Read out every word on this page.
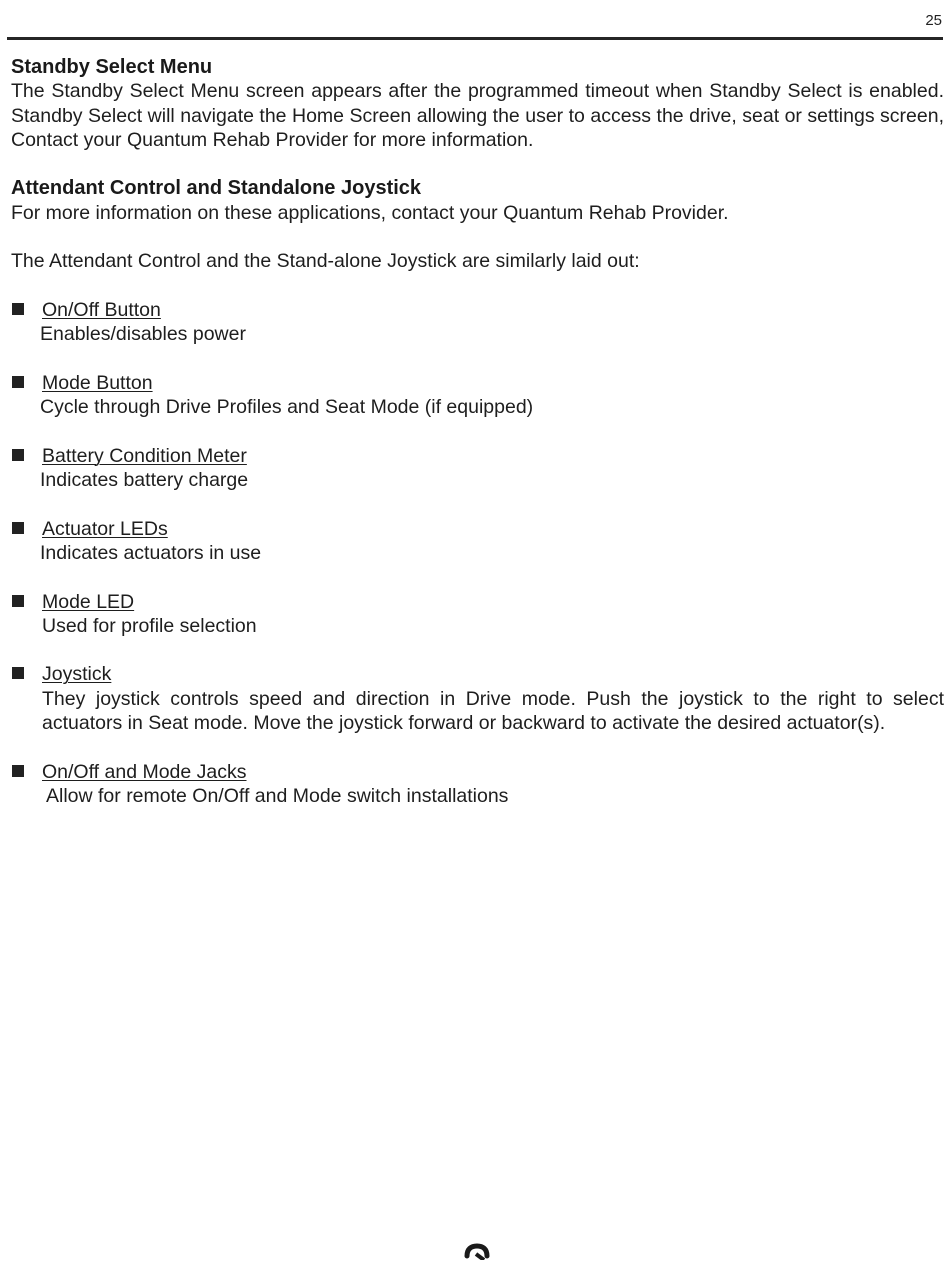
25
Standby Select Menu

The Standby Select Menu screen appears after the programmed timeout when Standby Select is enabled. Standby Select will navigate the Home Screen allowing the user to access the drive, seat or settings screen, Contact your Quantum Rehab Provider for more information.

Attendant Control and Standalone Joystick

For more information on these applications, contact your Quantum Rehab Provider.

The Attendant Control and the Stand-alone Joystick are similarly laid out:

On/Off Button
Enables/disables power
Mode Button
Cycle through Drive Profiles and Seat Mode (if equipped)
Battery Condition Meter
Indicates battery charge
Actuator LEDs
Indicates actuators in use
Mode LED
Used for profile selection
Joystick
They joystick controls speed and direction in Drive mode. Push the joystick to the right to select actuators in Seat mode. Move the joystick forward or backward to activate the desired actuator(s).
On/Off and Mode Jacks
Allow for remote On/Off and Mode switch installations
